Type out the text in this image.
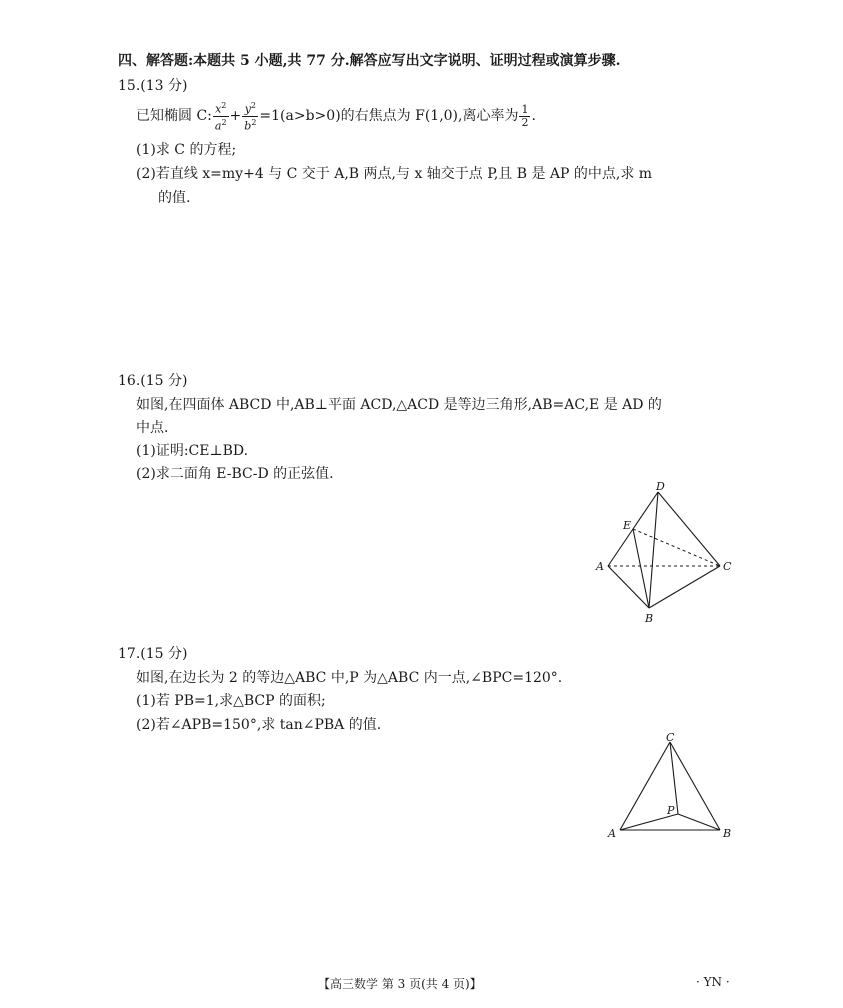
四、解答题:本题共 5 小题,共 77 分.解答应写出文字说明、证明过程或演算步骤.
15.(13 分)
已知椭圆 C: $\frac{x^2}{a^2} + \frac{y^2}{b^2} =1(a>b>0)$的右焦点为 F(1,0),离心率为 $\frac{1}{2}$ .
(1)求 C 的方程;
(2)若直线 x=my+4 与 C 交于 A,B 两点,与 x 轴交于点 P,且 B 是 AP 的中点,求 m
的值.
16.(15 分)
如图,在四面体 ABCD 中,AB⊥平面 ACD,△ACD 是等边三角形,AB=AC,E 是 AD 的
中点.
(1)证明:CE⊥BD.
(2)求二面角 E-BC-D 的正弦值.
D
E
A	C
B
17.(15 分)
如图,在边长为 2 的等边△ABC 中,P 为△ABC 内一点,∠BPC=120°.
(1)若 PB=1,求△BCP 的面积;
(2)若∠APB=150°,求 tan∠PBA 的值.
C
P
A	B
【高三数学 第 3 页(共 4 页)】	· YN ·
